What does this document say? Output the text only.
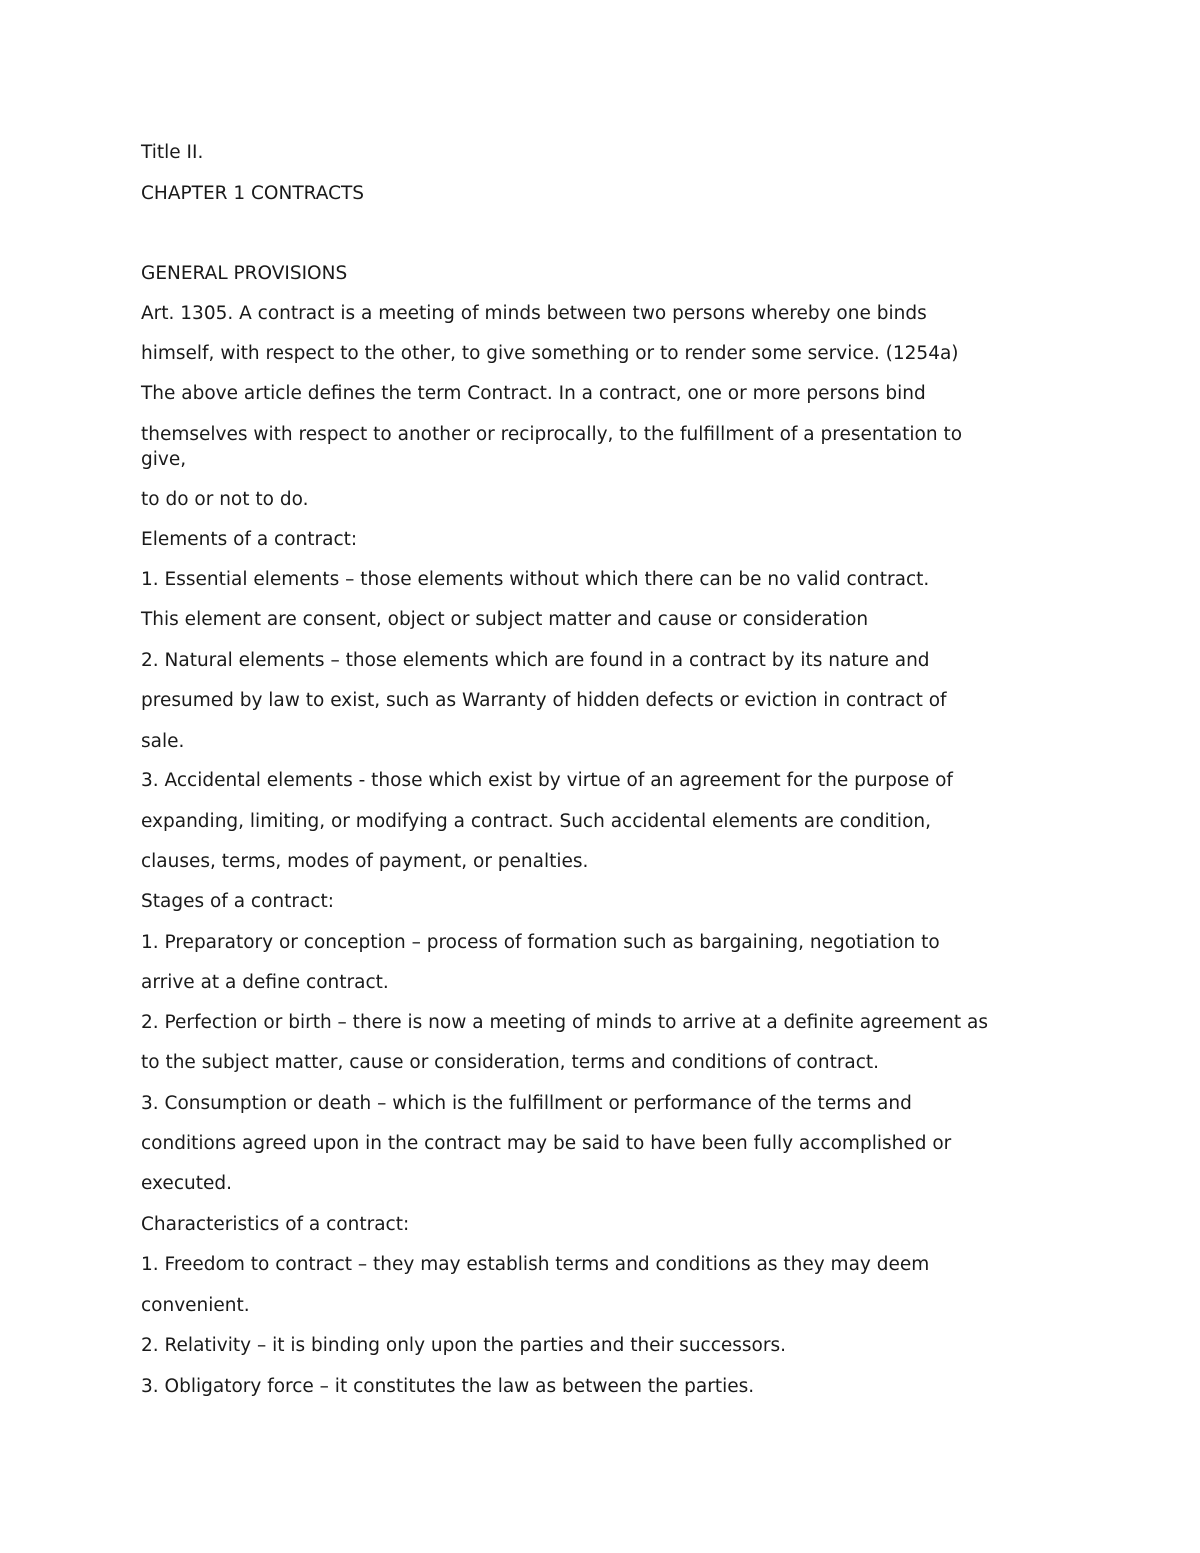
Title II.
CHAPTER 1 CONTRACTS
GENERAL PROVISIONS
Art. 1305. A contract is a meeting of minds between two persons whereby one binds
himself, with respect to the other, to give something or to render some service. (1254a)
The above article defines the term Contract. In a contract, one or more persons bind
themselves with respect to another or reciprocally, to the fulfillment of a presentation to
give,
to do or not to do.
Elements of a contract:
1. Essential elements – those elements without which there can be no valid contract.
This element are consent, object or subject matter and cause or consideration
2. Natural elements – those elements which are found in a contract by its nature and
presumed by law to exist, such as Warranty of hidden defects or eviction in contract of
sale.
3. Accidental elements - those which exist by virtue of an agreement for the purpose of
expanding, limiting, or modifying a contract. Such accidental elements are condition,
clauses, terms, modes of payment, or penalties.
Stages of a contract:
1. Preparatory or conception – process of formation such as bargaining, negotiation to
arrive at a define contract.
2. Perfection or birth – there is now a meeting of minds to arrive at a definite agreement as
to the subject matter, cause or consideration, terms and conditions of contract.
3. Consumption or death – which is the fulfillment or performance of the terms and
conditions agreed upon in the contract may be said to have been fully accomplished or
executed.
Characteristics of a contract:
1. Freedom to contract – they may establish terms and conditions as they may deem
convenient.
2. Relativity – it is binding only upon the parties and their successors.
3. Obligatory force – it constitutes the law as between the parties.
